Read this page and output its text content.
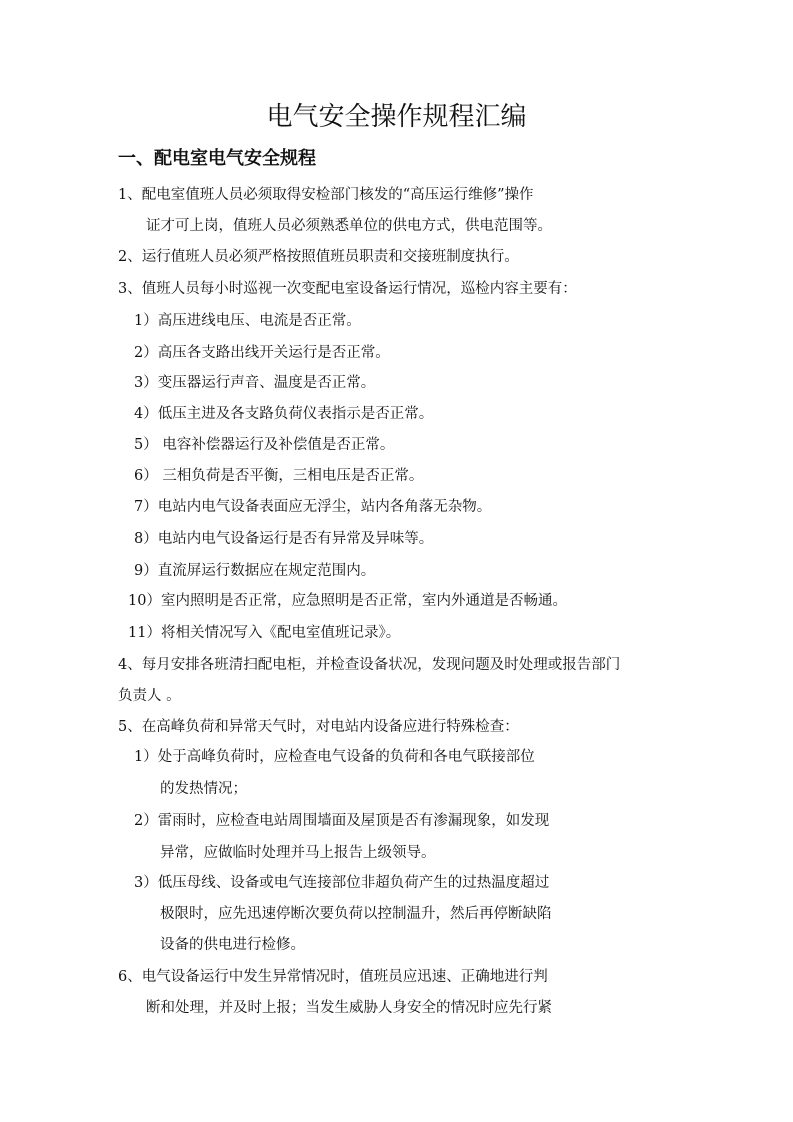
电气安全操作规程汇编
一、配电室电气安全规程
1、配电室值班人员必须取得安检部门核发的“高压运行维修”操作
证才可上岗，值班人员必须熟悉单位的供电方式，供电范围等。
2、运行值班人员必须严格按照值班员职责和交接班制度执行。
3、值班人员每小时巡视一次变配电室设备运行情况，巡检内容主要有：
1）高压进线电压、电流是否正常。
2）高压各支路出线开关运行是否正常。
3）变压器运行声音、温度是否正常。
4）低压主进及各支路负荷仪表指示是否正常。
5） 电容补偿器运行及补偿值是否正常。
6） 三相负荷是否平衡，三相电压是否正常。
7）电站内电气设备表面应无浮尘，站内各角落无杂物。
8）电站内电气设备运行是否有异常及异味等。
9）直流屏运行数据应在规定范围内。
10）室内照明是否正常，应急照明是否正常，室内外通道是否畅通。
11）将相关情况写入《配电室值班记录》。
4、每月安排各班清扫配电柜，并检查设备状况，发现问题及时处理或报告部门
负责人 。
5、在高峰负荷和异常天气时，对电站内设备应进行特殊检查：
1）处于高峰负荷时，应检查电气设备的负荷和各电气联接部位
的发热情况；
2）雷雨时，应检查电站周围墙面及屋顶是否有渗漏现象，如发现
异常，应做临时处理并马上报告上级领导。
3）低压母线、设备或电气连接部位非超负荷产生的过热温度超过
极限时，应先迅速停断次要负荷以控制温升，然后再停断缺陷
设备的供电进行检修。
6、电气设备运行中发生异常情况时，值班员应迅速、正确地进行判
断和处理，并及时上报；当发生威胁人身安全的情况时应先行紧
